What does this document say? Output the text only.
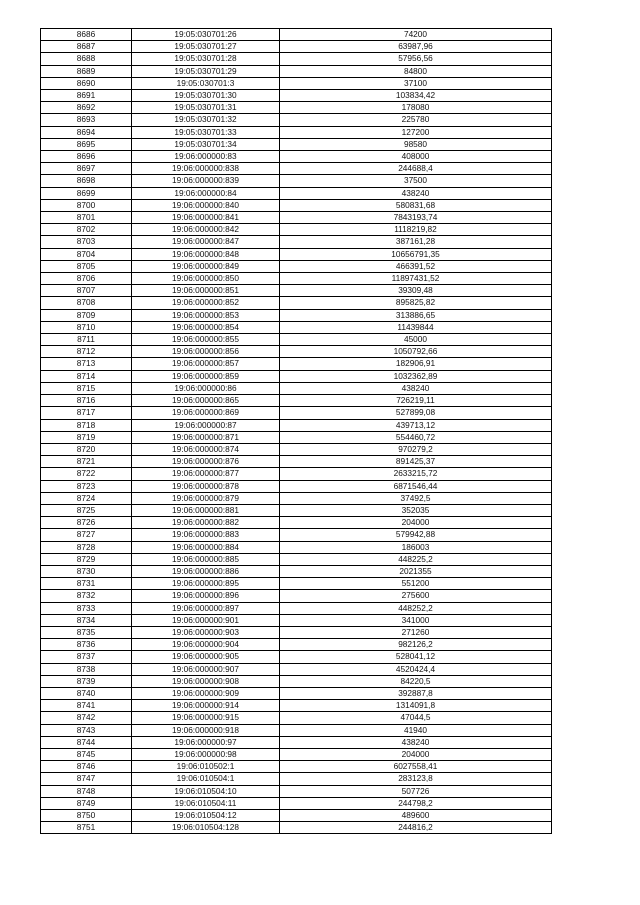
8686	19:05:030701:26	74200
8687	19:05:030701:27	63987,96
8688	19:05:030701:28	57956,56
8689	19:05:030701:29	84800
8690	19:05:030701:3	37100
8691	19:05:030701:30	103834,42
8692	19:05:030701:31	178080
8693	19:05:030701:32	225780
8694	19:05:030701:33	127200
8695	19:05:030701:34	98580
8696	19:06:000000:83	408000
8697	19:06:000000:838	244688,4
8698	19:06:000000:839	37500
8699	19:06:000000:84	438240
8700	19:06:000000:840	580831,68
8701	19:06:000000:841	7843193,74
8702	19:06:000000:842	1118219,82
8703	19:06:000000:847	387161,28
8704	19:06:000000:848	10656791,35
8705	19:06:000000:849	466391,52
8706	19:06:000000:850	11897431,52
8707	19:06:000000:851	39309,48
8708	19:06:000000:852	895825,82
8709	19:06:000000:853	313886,65
8710	19:06:000000:854	11439844
8711	19:06:000000:855	45000
8712	19:06:000000:856	1050792,66
8713	19:06:000000:857	182906,91
8714	19:06:000000:859	1032362,89
8715	19:06:000000:86	438240
8716	19:06:000000:865	726219,11
8717	19:06:000000:869	527899,08
8718	19:06:000000:87	439713,12
8719	19:06:000000:871	554460,72
8720	19:06:000000:874	970279,2
8721	19:06:000000:876	891425,37
8722	19:06:000000:877	2633215,72
8723	19:06:000000:878	6871546,44
8724	19:06:000000:879	37492,5
8725	19:06:000000:881	352035
8726	19:06:000000:882	204000
8727	19:06:000000:883	579942,88
8728	19:06:000000:884	186003
8729	19:06:000000:885	448225,2
8730	19:06:000000:886	2021355
8731	19:06:000000:895	551200
8732	19:06:000000:896	275600
8733	19:06:000000:897	448252,2
8734	19:06:000000:901	341000
8735	19:06:000000:903	271260
8736	19:06:000000:904	982126,2
8737	19:06:000000:905	528041,12
8738	19:06:000000:907	4520424,4
8739	19:06:000000:908	84220,5
8740	19:06:000000:909	392887,8
8741	19:06:000000:914	1314091,8
8742	19:06:000000:915	47044,5
8743	19:06:000000:918	41940
8744	19:06:000000:97	438240
8745	19:06:000000:98	204000
8746	19:06:010502:1	6027558,41
8747	19:06:010504:1	283123,8
8748	19:06:010504:10	507726
8749	19:06:010504:11	244798,2
8750	19:06:010504:12	489600
8751	19:06:010504:128	244816,2
